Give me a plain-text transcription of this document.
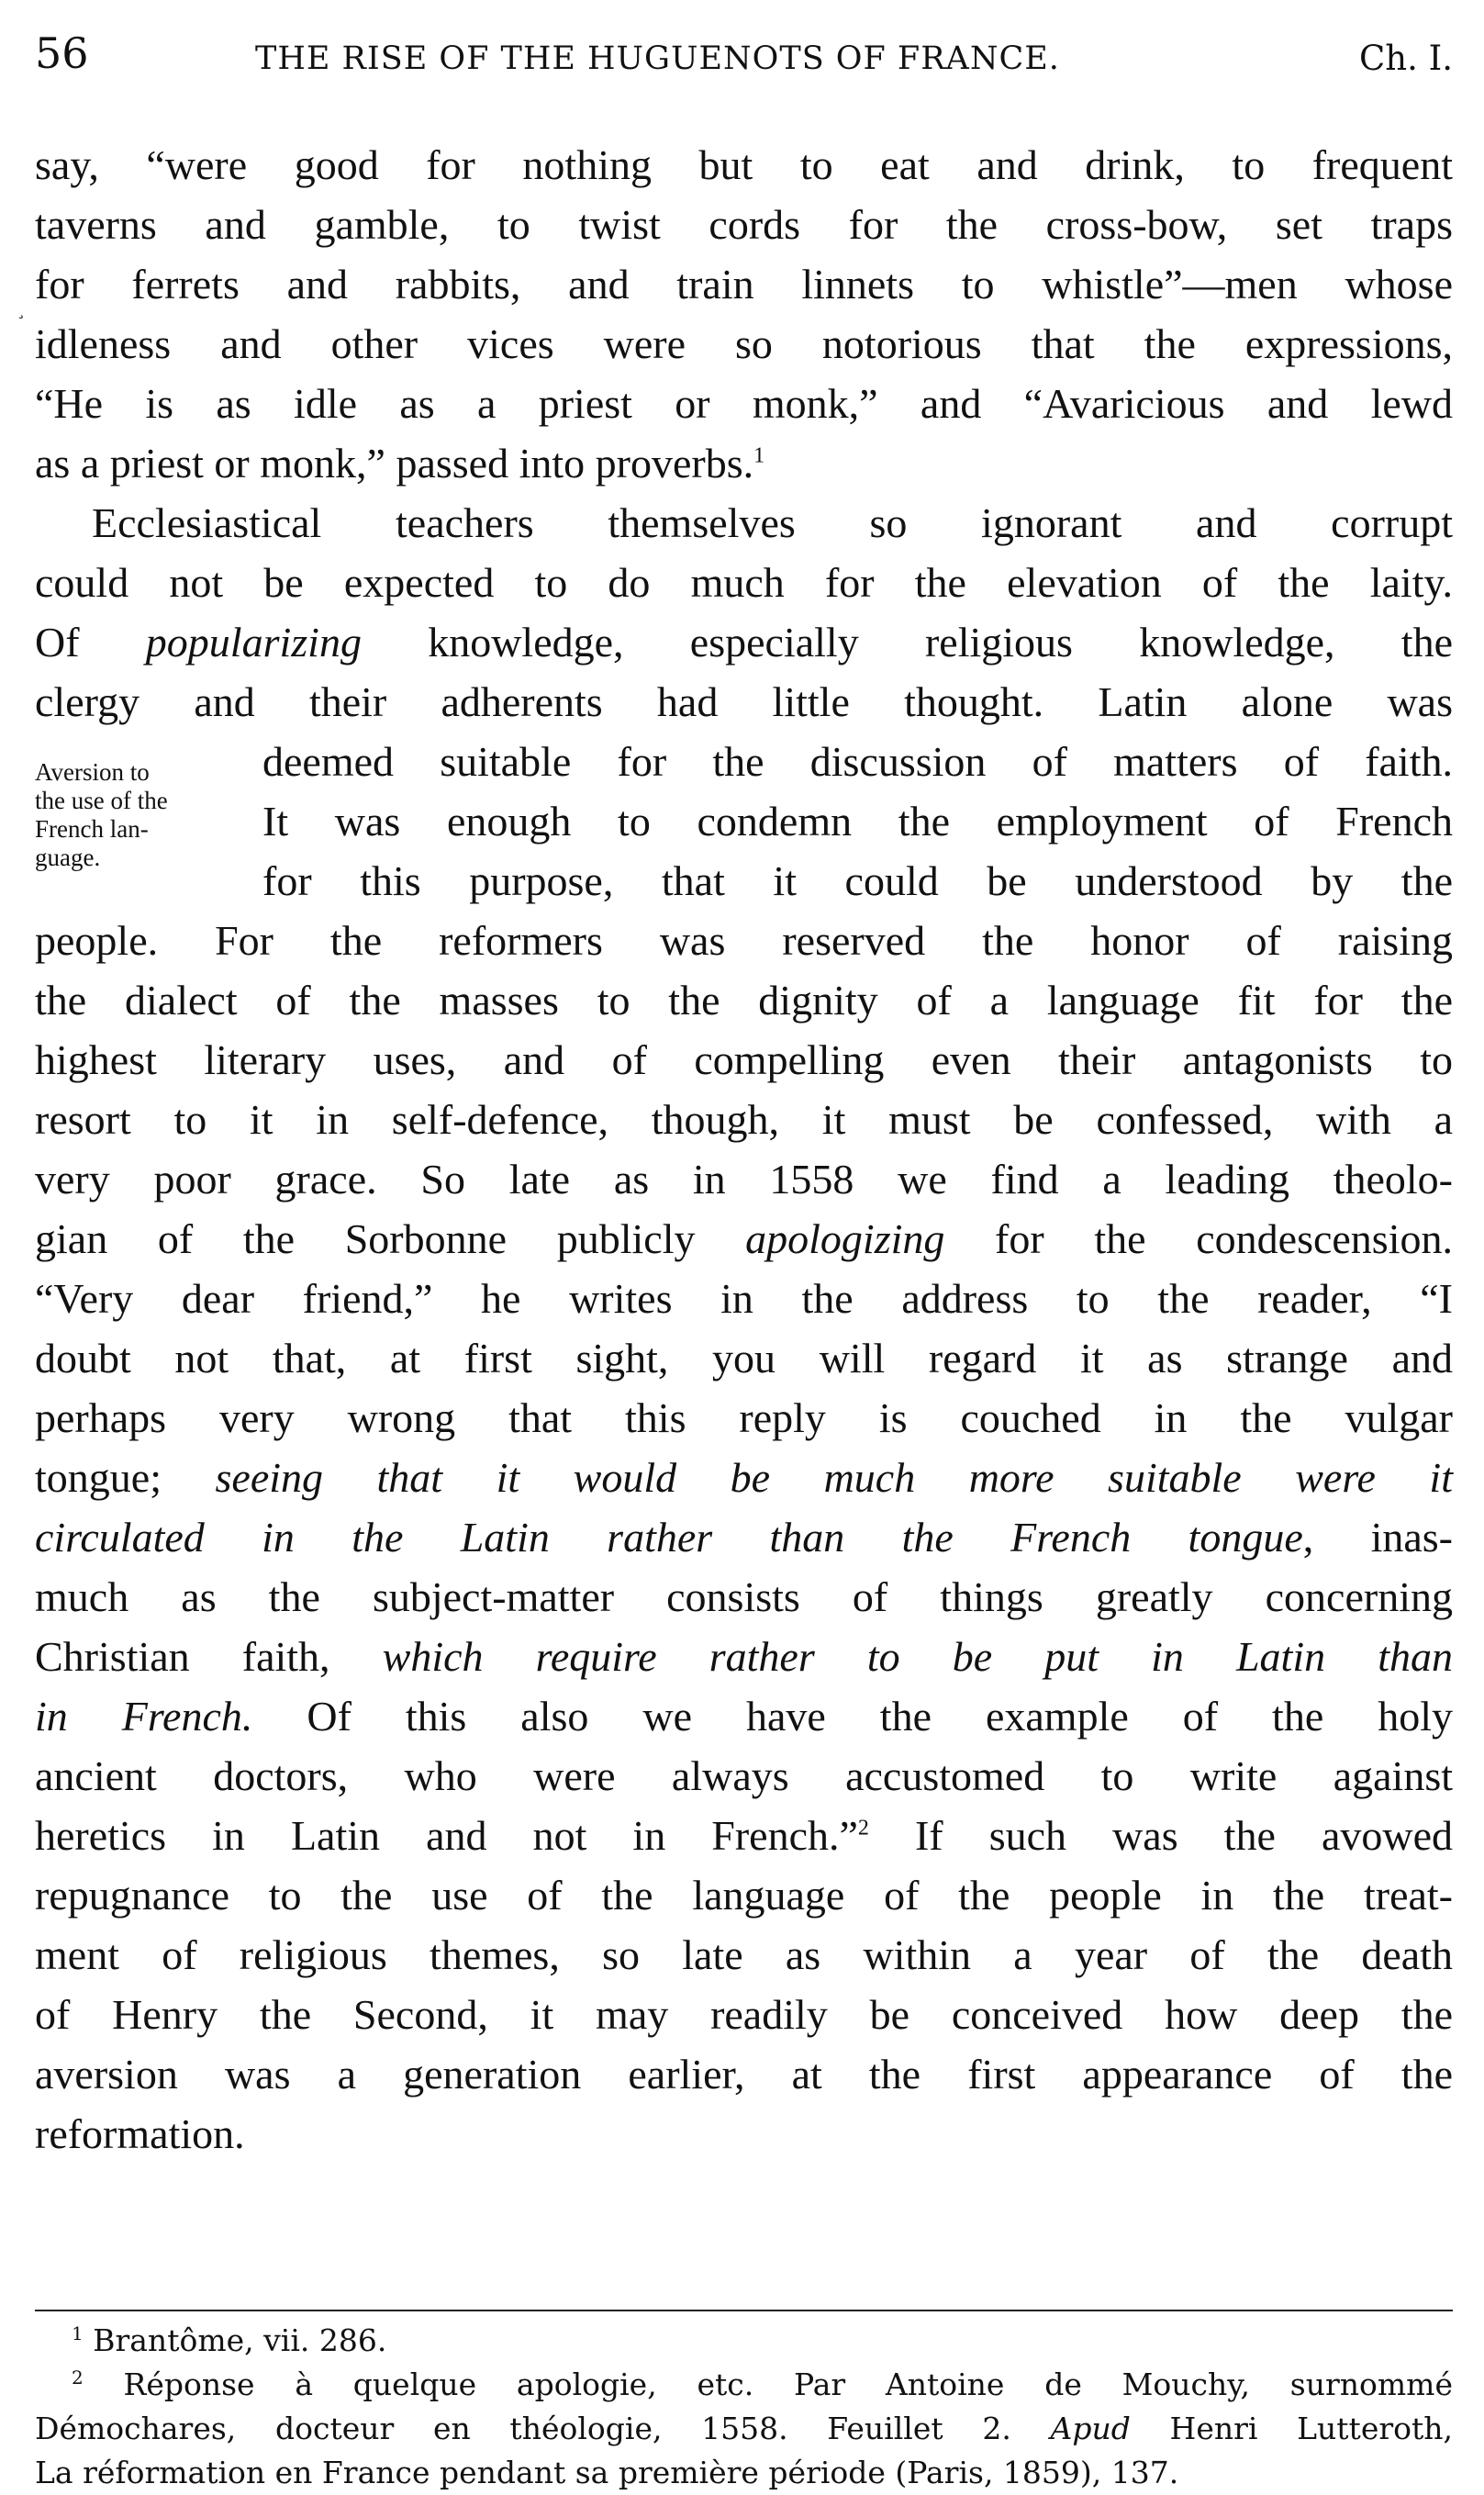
56	THE RISE OF THE HUGUENOTS OF FRANCE.	Ch. I.
¸
say, “were good for nothing but to eat and drink, to frequent
taverns and gamble, to twist cords for the cross-bow, set traps
for ferrets and rabbits, and train linnets to whistle”—men whose
idleness and other vices were so notorious that the expressions,
“He is as idle as a priest or monk,” and “Avaricious and lewd
as a priest or monk,” passed into proverbs.$^1$
Ecclesiastical teachers themselves so ignorant and corrupt
could not be expected to do much for the elevation of the laity.
Of popularizing knowledge, especially religious knowledge, the
clergy and their adherents had little thought. Latin alone was
deemed suitable for the discussion of matters of faith.
It was enough to condemn the employment of French
for this purpose, that it could be understood by the
people. For the reformers was reserved the honor of raising
the dialect of the masses to the dignity of a language fit for the
highest literary uses, and of compelling even their antagonists to
resort to it in self-defence, though, it must be confessed, with a
very poor grace. So late as in 1558 we find a leading theolo-
gian of the Sorbonne publicly apologizing for the condescension.
“Very dear friend,” he writes in the address to the reader, “I
doubt not that, at first sight, you will regard it as strange and
perhaps very wrong that this reply is couched in the vulgar
tongue; seeing that it would be much more suitable were it
circulated in the Latin rather than the French tongue, inas-
much as the subject-matter consists of things greatly concerning
Christian faith, which require rather to be put in Latin than
in French. Of this also we have the example of the holy
ancient doctors, who were always accustomed to write against
heretics in Latin and not in French.”$^2$ If such was the avowed
repugnance to the use of the language of the people in the treat-
ment of religious themes, so late as within a year of the death
of Henry the Second, it may readily be conceived how deep the
aversion was a generation earlier, at the first appearance of the
reformation.
Aversion to
the use of the
French lan-
guage.
$^1$ Brantôme, vii. 286.
$^2$ Réponse à quelque apologie, etc. Par Antoine de Mouchy, surnommé
Démochares, docteur en théologie, 1558. Feuillet 2. Apud Henri Lutteroth,
La réformation en France pendant sa première période (Paris, 1859), 137.
